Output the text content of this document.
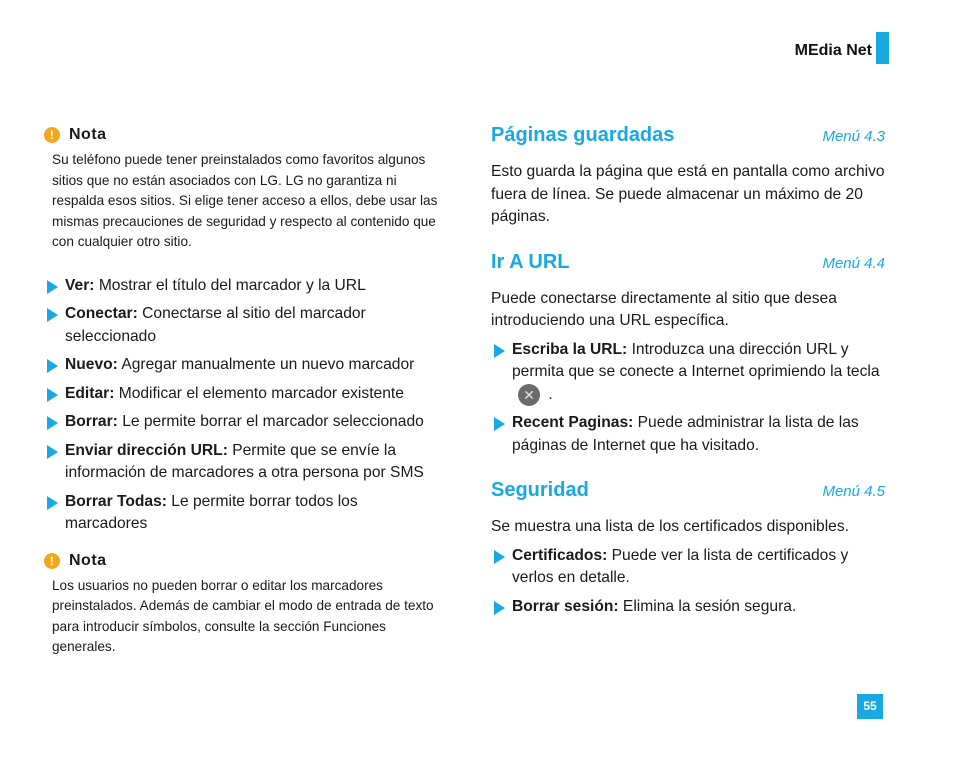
MEdia Net
! Nota
Su teléfono puede tener preinstalados como favoritos algunos sitios que no están asociados con LG. LG no garantiza ni respalda esos sitios. Si elige tener acceso a ellos, debe usar las mismas precauciones de seguridad y respecto al contenido que con cualquier otro sitio.
Ver: Mostrar el título del marcador y la URL
Conectar: Conectarse al sitio del marcador seleccionado
Nuevo: Agregar manualmente un nuevo marcador
Editar: Modificar el elemento marcador existente
Borrar: Le permite borrar el marcador seleccionado
Enviar dirección URL: Permite que se envíe la información de marcadores a otra persona por SMS
Borrar Todas: Le permite borrar todos los marcadores
! Nota
Los usuarios no pueden borrar o editar los marcadores preinstalados. Además de cambiar el modo de entrada de texto para introducir símbolos, consulte la sección Funciones generales.
Páginas guardadas	Menú 4.3

Esto guarda la página que está en pantalla como archivo fuera de línea. Se puede almacenar un máximo de 20 páginas.

Ir A URL	Menú 4.4

Puede conectarse directamente al sitio que desea introduciendo una URL específica.

Escriba la URL: Introduzca una dirección URL y permita que se conecte a Internet oprimiendo la tecla✕ .
Recent Paginas: Puede administrar la lista de las páginas de Internet que ha visitado.
Seguridad	Menú 4.5

Se muestra una lista de los certificados disponibles.

Certificados: Puede ver la lista de certificados y verlos en detalle.
Borrar sesión: Elimina la sesión segura.
55
